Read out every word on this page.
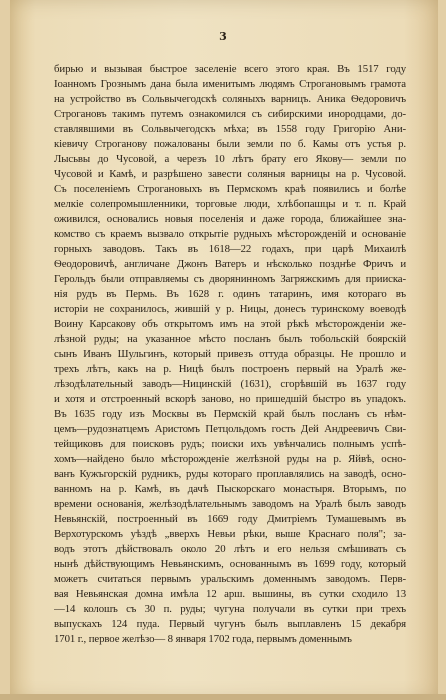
3
бирью и вызывая быстрое заселеніе всего этого края. Въ 1517 году
Іоанномъ Грознымъ дана была именитымъ людямъ Строгановымъ грамота
на устройство въ Сольвычегодскѣ соляныхъ варницъ. Аника Ѳедоровичъ
Строгановъ такимъ путемъ ознакомился съ сибирскими инородцами, до-
ставлявшими въ Сольвычегодскъ мѣха; въ 1558 году Григорію Ани-
кіевичу Строганову пожалованы были земли по б. Камы отъ устья р.
Лысьвы до Чусовой, а черезъ 10 лѣтъ брату его Якову— земли по
Чусовой и Камѣ, и разрѣшено завести соляныя варницы на р. Чусовой.
Съ поселеніемъ Строгановыхъ въ Пермскомъ краѣ появились и болѣе
мелкіе солепромышленники, торговые люди, хлѣбопашцы и т. п. Край
оживился, основались новыя поселенія и даже города, ближайшее зна-
комство съ краемъ вызвало открытіе рудныхъ мѣсторожденій и основаніе
горныхъ заводовъ. Такъ въ 1618—22 годахъ, при царѣ Михаилѣ
Ѳеодоровичѣ, англичане Джонъ Ватеръ и нѣсколько позднѣе Фричъ и
Герольдъ были отправляемы съ дворянинномъ Загряжскимъ для прииска-
нія рудъ въ Пермь. Въ 1628 г. одинъ татаринъ, имя котораго въ
исторіи не сохранилось, жившій у р. Ницы, донесъ туринскому воеводѣ
Воину Карсакову объ открытомъ имъ на этой рѣкѣ мѣсторожденіи же-
лѣзной руды; на указанное мѣсто посланъ былъ тобольскій боярскій
сынъ Иванъ Шульгинъ, который привезъ оттуда образцы. Не прошло и
трехъ лѣтъ, какъ на р. Ницѣ былъ построенъ первый на Уралѣ же-
лѣзодѣлательный заводъ—Ницинскій (1631), сгорѣвшій въ 1637 году
и хотя и отстроенный вскорѣ заново, но пришедшій быстро въ упадокъ.
Въ 1635 году изъ Москвы въ Пермскій край былъ посланъ съ нѣм-
цемъ—рудознатцемъ Аристомъ Петцольдомъ гость Дей Андреевичъ Сви-
тейщиковъ для поисковъ рудъ; поиски ихъ увѣнчались полнымъ успѣ-
хомъ—найдено было мѣсторожденіе желѣзной руды на р. Яйвѣ, осно-
ванъ Кужъгорскій рудникъ, руды котораго проплавлялись на заводѣ, осно-
ванномъ на р. Камѣ, въ дачѣ Пыскорскаго монастыря. Вторымъ, по
времени основанія, желѣзодѣлательнымъ заводомъ на Уралѣ былъ заводъ
Невьянскій, построенный въ 1669 году Дмитріемъ Тумашевымъ въ
Верхотурскомъ уѣздѣ „вверхъ Невьи рѣки, выше Краснаго поля"; за-
водъ этотъ дѣйствовалъ около 20 лѣтъ и его нельзя смѣшивать съ
нынѣ дѣйствующимъ Невьянскимъ, основаннымъ въ 1699 году, который
можетъ считаться первымъ уральскимъ доменнымъ заводомъ. Перв-
вая Невьянская домна имѣла 12 арш. вышины, въ сутки сходило 13
—14 колошъ съ 30 п. руды; чугуна получали въ сутки при трехъ
выпускахъ 124 пуда. Первый чугунъ былъ выплавленъ 15 декабря
1701 г., первое желѣзо— 8 января 1702 года, первымъ доменнымъ
